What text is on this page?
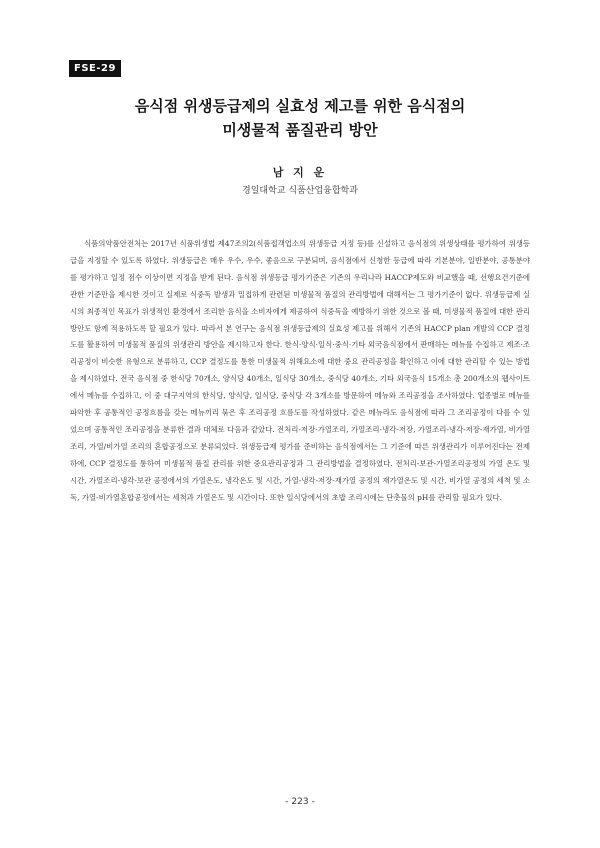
FSE-29
음식점 위생등급제의 실효성 제고를 위한 음식점의
미생물적 품질관리 방안
남 지 운
경일대학교 식품산업융합학과

식품의약품안전처는 2017년 식품위생법 제47조의2(식품접객업소의 위생등급 지정 등)를 신설하고 음식점의 위생상태를 평가하여 위생등급을 지정할 수 있도록 하였다. 위생등급은 매우 우수, 우수, 좋음으로 구분되며, 음식점에서 신청한 등급에 따라 기본분야, 일반분야, 공통분야를 평가하고 일정 점수 이상이면 지정을 받게 된다. 음식점 위생등급 평가기준은 기존의 우리나라 HACCP제도와 비교했을 때, 선행요건기준에 관한 기준만을 제시한 것이고 실제로 식중독 발생과 밀접하게 관련된 미생물적 품질의 관리방법에 대해서는 그 평가기준이 없다. 위생등급제 실시의 최종적인 목표가 위생적인 환경에서 조리한 음식을 소비자에게 제공하여 식중독을 예방하기 위한 것으로 볼 때, 미생물적 품질에 대한 관리방안도 함께 적용하도록 할 필요가 있다. 따라서 본 연구는 음식점 위생등급제의 실효성 제고를 위해서 기존의 HACCP plan 개발의 CCP 결정도를 활용하여 미생물적 품질의 위생관리 방안을 제시하고자 한다. 한식·양식·일식·중식·기타 외국음식점에서 판매하는 메뉴를 수집하고 제조·조리공정이 비슷한 유형으로 분류하고, CCP 결정도를 통한 미생물적 위해요소에 대한 중요 관리공정을 확인하고 이에 대한 관리할 수 있는 방법을 제시하였다. 전국 음식점 중 한식당 70개소, 양식당 40개소, 일식당 30개소, 중식당 40개소, 기타 외국음식 15개소 총 200개소의 웹사이트에서 메뉴를 수집하고, 이 중 대구지역의 한식당, 양식당, 일식당, 중식당 각 3개소를 방문하여 메뉴와 조리공정을 조사하였다. 업종별로 메뉴를 파악한 후 공통적인 공정흐름을 갖는 메뉴끼리 묶은 후 조리공정 흐름도를 작성하였다. 같은 메뉴라도 음식점에 따라 그 조리공정이 다를 수 있었으며 공통적인 조리공정을 분류한 결과 대체로 다음과 같았다. 전처리-저장-가열조리, 가열조리-냉각-저장, 가열조리-냉각-저장-재가열, 비가열조리, 가열/비가열 조리의 혼합공정으로 분류되었다. 위생등급제 평가를 준비하는 음식점에서는 그 기준에 따른 위생관리가 이루어진다는 전제하에, CCP 결정도를 통하여 미생물적 품질 관리를 위한 중요관리공정과 그 관리방법을 결정하였다. 전처리-보관-가열조리공정의 가열 온도 및 시간, 가열조리-냉각-보관 공정에서의 가열온도, 냉각온도 및 시간, 가열-냉각-저장-재가열 공정의 재가열온도 및 시간, 비가열 공정의 세척 및 소독, 가열-비가열혼합공정에서는 세척과 가열온도 및 시간이다. 또한 일식당에서의 초밥 조리시에는 단촛물의 pH를 관리할 필요가 있다.

- 223 -
